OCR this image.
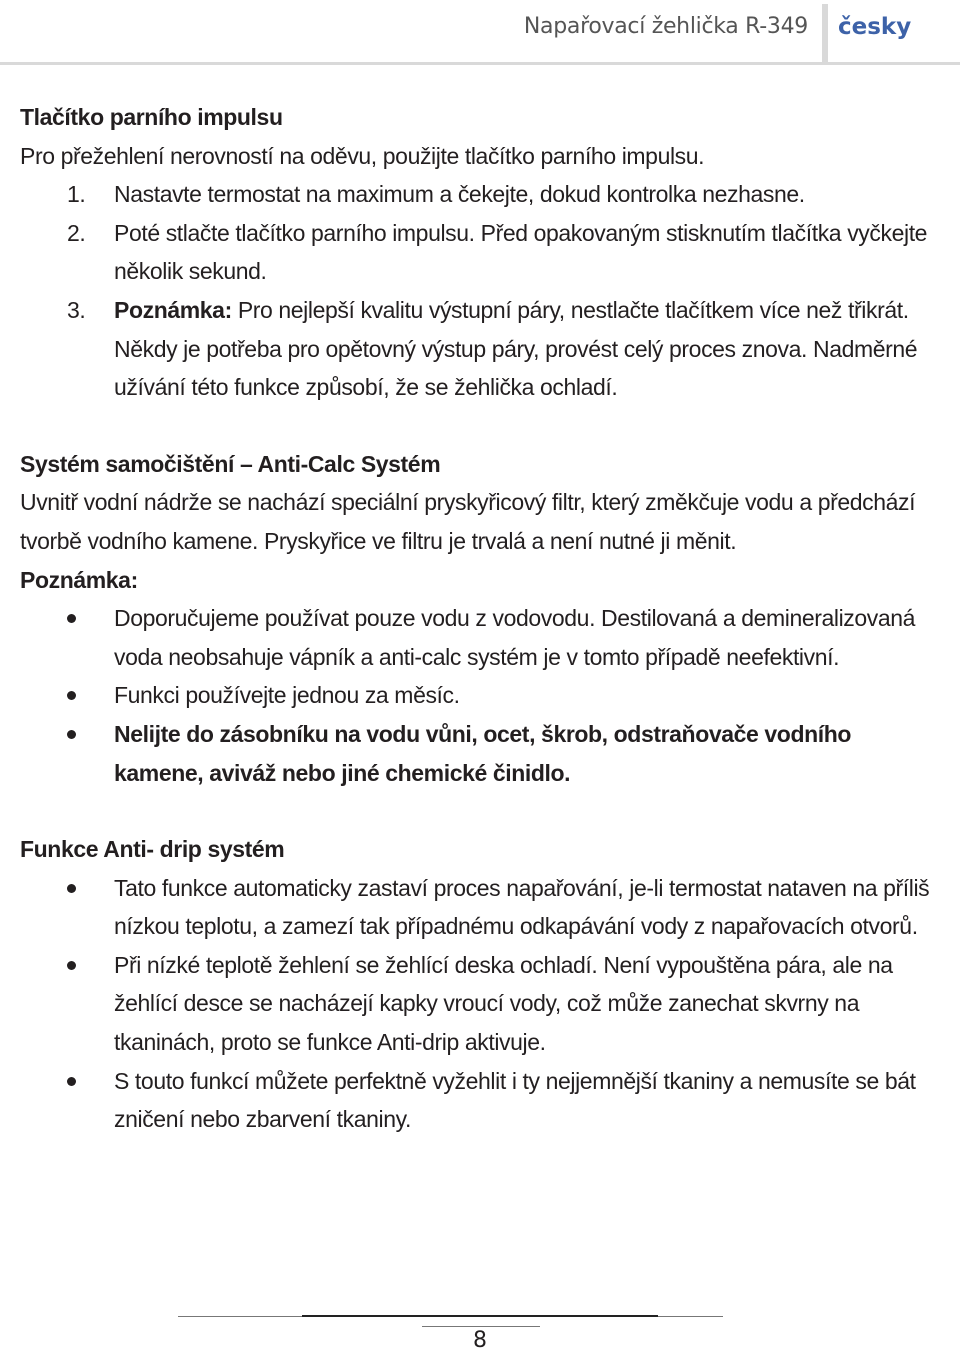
Napařovací žehlička R-349 česky
Tlačítko parního impulsu

Pro přežehlení nerovností na oděvu, použijte tlačítko parního impulsu.

1. Nastavte termostat na maximum a čekejte, dokud kontrolka nezhasne.
2. Poté stlačte tlačítko parního impulsu. Před opakovaným stisknutím tlačítka vyčkejte několik sekund.
3. Poznámka: Pro nejlepší kvalitu výstupní páry, nestlačte tlačítkem více než třikrát. Někdy je potřeba pro opětovný výstup páry, provést celý proces znova. Nadměrné užívání této funkce způsobí, že se žehlička ochladí.
Systém samočištění – Anti-Calc Systém

Uvnitř vodní nádrže se nachází speciální pryskyřicový filtr, který změkčuje vodu a předchází tvorbě vodního kamene. Pryskyřice ve filtru je trvalá a není nutné ji měnit.

Poznámka:
Doporučujeme používat pouze vodu z vodovodu. Destilovaná a demineralizovaná voda neobsahuje vápník a anti-calc systém je v tomto případě neefektivní.
Funkci používejte jednou za měsíc.
Nelijte do zásobníku na vodu vůni, ocet, škrob, odstraňovače vodního kamene, aviváž nebo jiné chemické činidlo.
Funkce Anti- drip systém
Tato funkce automaticky zastaví proces napařování, je-li termostat nataven na příliš nízkou teplotu, a zamezí tak případnému odkapávání vody z napařovacích otvorů.
Při nízké teplotě žehlení se žehlící deska ochladí. Není vypouštěna pára, ale na žehlící desce se nacházejí kapky vroucí vody, což může zanechat skvrny na tkaninách, proto se funkce Anti-drip aktivuje.
S touto funkcí můžete perfektně vyžehlit i ty nejjemnější tkaniny a nemusíte se bát zničení nebo zbarvení tkaniny.
8
